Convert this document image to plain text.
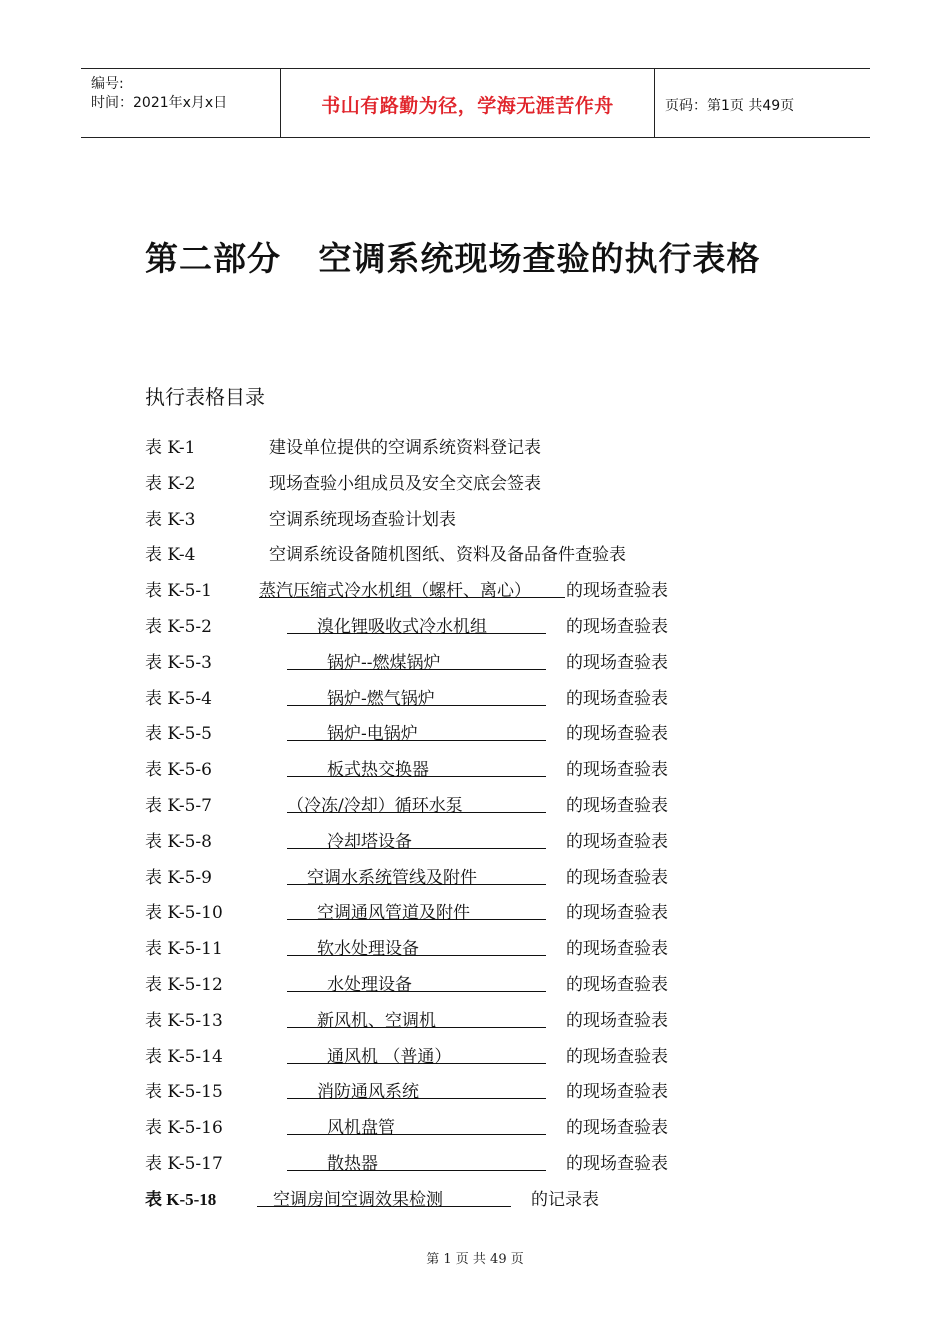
编号:
时间：2021年x月x日	书山有路勤为径，学海无涯苦作舟	页码：第1页 共49页
第二部分   空调系统现场查验的执行表格
执行表格目录
表 K-1	建设单位提供的空调系统资料登记表
表 K-2	现场查验小组成员及安全交底会签表
表 K-3	空调系统现场查验计划表
表 K-4	空调系统设备随机图纸、资料及备品备件查验表
表 K-5-1	蒸汽压缩式冷水机组（螺杆、离心）	的现场查验表
表 K-5-2	溴化锂吸收式冷水机组	的现场查验表
表 K-5-3	锅炉--燃煤锅炉	的现场查验表
表 K-5-4	锅炉-燃气锅炉	的现场查验表
表 K-5-5	锅炉-电锅炉	的现场查验表
表 K-5-6	板式热交换器	的现场查验表
表 K-5-7	（冷冻/冷却）循环水泵	的现场查验表
表 K-5-8	冷却塔设备	的现场查验表
表 K-5-9	空调水系统管线及附件	的现场查验表
表 K-5-10	空调通风管道及附件	的现场查验表
表 K-5-11	软水处理设备	的现场查验表
表 K-5-12	水处理设备	的现场查验表
表 K-5-13	新风机、空调机	的现场查验表
表 K-5-14	通风机 （普通）	的现场查验表
表 K-5-15	消防通风系统	的现场查验表
表 K-5-16	风机盘管	的现场查验表
表 K-5-17	散热器	的现场查验表
表 K-5-18	空调房间空调效果检测	的记录表
第 1 页 共 49 页
